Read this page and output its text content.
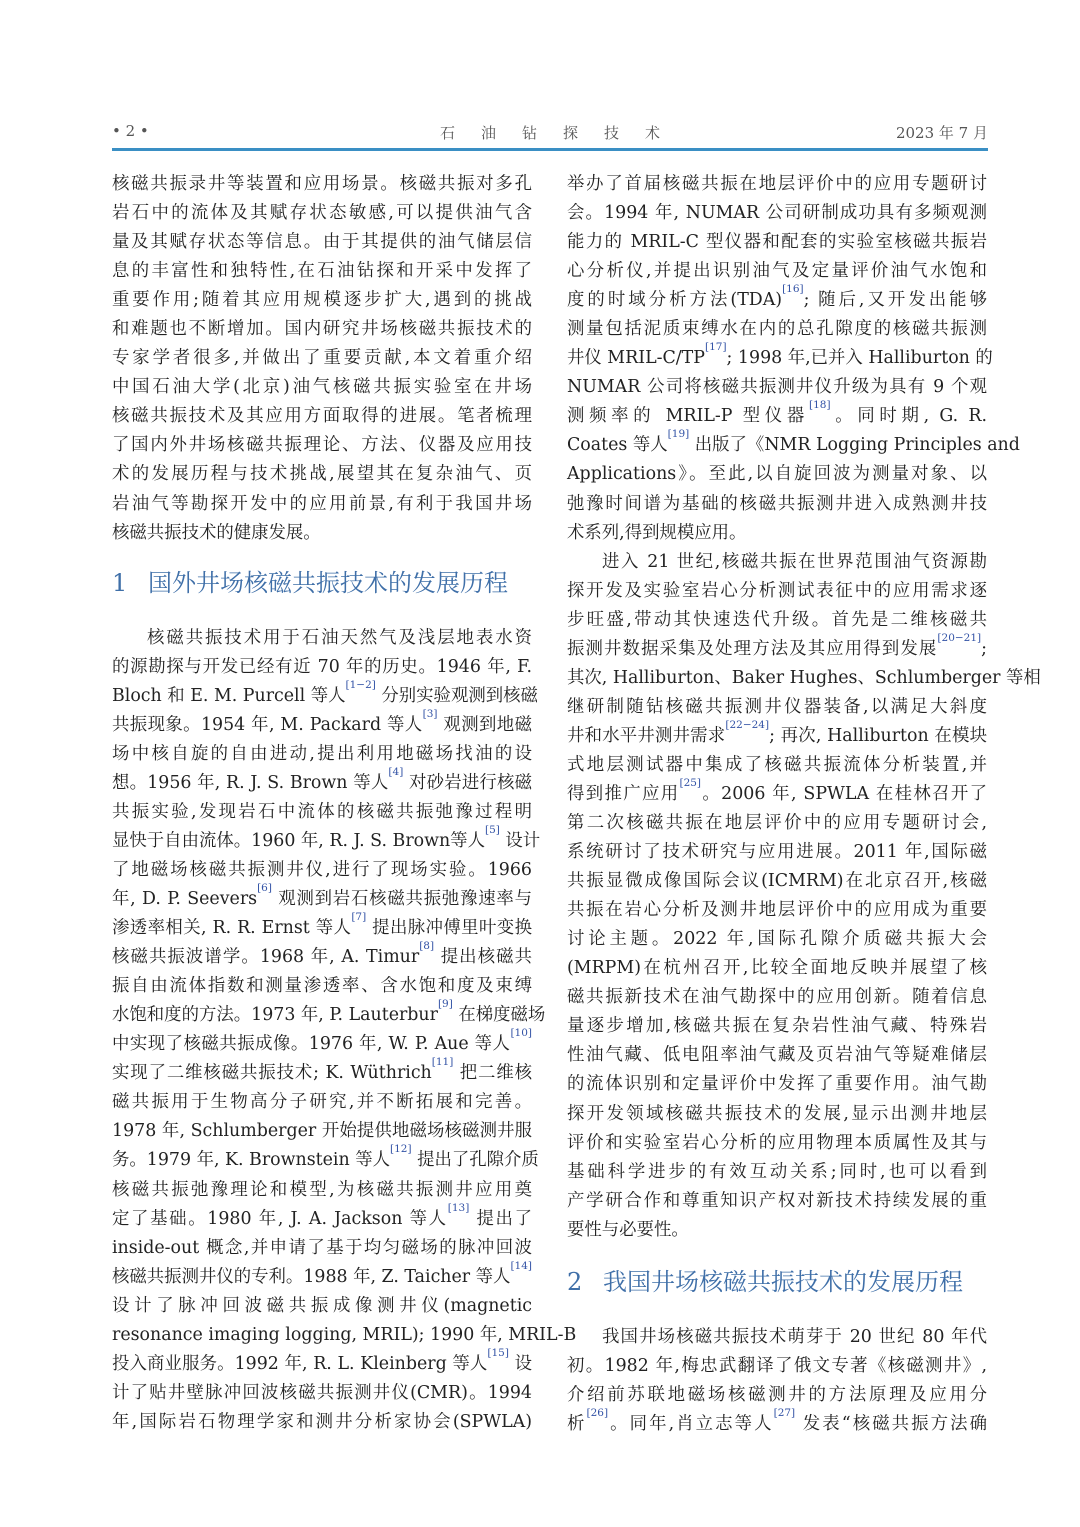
• 2 •	石油钻探技术	2023 年 7 月
核磁共振录井等装置和应用场景。核磁共振对多孔
岩石中的流体及其赋存状态敏感,可以提供油气含
量及其赋存状态等信息。由于其提供的油气储层信
息的丰富性和独特性,在石油钻探和开采中发挥了
重要作用;随着其应用规模逐步扩大,遇到的挑战
和难题也不断增加。国内研究井场核磁共振技术的
专家学者很多,并做出了重要贡献,本文着重介绍
中国石油大学(北京)油气核磁共振实验室在井场
核磁共振技术及其应用方面取得的进展。笔者梳理
了国内外井场核磁共振理论、方法、仪器及应用技
术的发展历程与技术挑战,展望其在复杂油气、页
岩油气等勘探开发中的应用前景,有利于我国井场
核磁共振技术的健康发展。
1 国外井场核磁共振技术的发展历程
核磁共振技术用于石油天然气及浅层地表水资
的源勘探与开发已经有近 70 年的历史。1946 年, F.
Bloch 和 E. M. Purcell 等人[1−2] 分别实验观测到核磁
共振现象。1954 年, M. Packard 等人[3] 观测到地磁
场中核自旋的自由进动,提出利用地磁场找油的设
想。1956 年, R. J. S. Brown 等人[4] 对砂岩进行核磁
共振实验,发现岩石中流体的核磁共振弛豫过程明
显快于自由流体。1960 年, R. J. S. Brown等人[5] 设计
了地磁场核磁共振测井仪,进行了现场实验。1966
年, D. P. Seevers[6] 观测到岩石核磁共振弛豫速率与
渗透率相关, R. R. Ernst 等人[7] 提出脉冲傅里叶变换
核磁共振波谱学。1968 年, A. Timur[8] 提出核磁共
振自由流体指数和测量渗透率、含水饱和度及束缚
水饱和度的方法。1973 年, P. Lauterbur[9] 在梯度磁场
中实现了核磁共振成像。1976 年, W. P. Aue 等人[10]
实现了二维核磁共振技术; K. Wüthrich[11] 把二维核
磁共振用于生物高分子研究,并不断拓展和完善。
1978 年, Schlumberger 开始提供地磁场核磁测井服
务。1979 年, K. Brownstein 等人[12] 提出了孔隙介质
核磁共振弛豫理论和模型,为核磁共振测井应用奠
定了基础。1980 年, J. A. Jackson 等人[13] 提出了
inside-out 概念,并申请了基于均匀磁场的脉冲回波
核磁共振测井仪的专利。1988 年, Z. Taicher 等人[14]
设计了脉冲回波磁共振成像测井仪(magnetic
resonance imaging logging, MRIL); 1990 年, MRIL-B
投入商业服务。1992 年, R. L. Kleinberg 等人[15] 设
计了贴井壁脉冲回波核磁共振测井仪(CMR)。1994
年,国际岩石物理学家和测井分析家协会(SPWLA)
举办了首届核磁共振在地层评价中的应用专题研讨
会。1994 年, NUMAR 公司研制成功具有多频观测
能力的 MRIL-C 型仪器和配套的实验室核磁共振岩
心分析仪,并提出识别油气及定量评价油气水饱和
度的时域分析方法(TDA)[16]; 随后,又开发出能够
测量包括泥质束缚水在内的总孔隙度的核磁共振测
井仪 MRIL-C/TP[17]; 1998 年,已并入 Halliburton 的
NUMAR 公司将核磁共振测井仪升级为具有 9 个观
测频率的 MRIL-P 型仪器[18]。同时期, G. R.
Coates 等人[19] 出版了《NMR Logging Principles and
Applications》。至此,以自旋回波为测量对象、以
弛豫时间谱为基础的核磁共振测井进入成熟测井技
术系列,得到规模应用。
进入 21 世纪,核磁共振在世界范围油气资源勘
探开发及实验室岩心分析测试表征中的应用需求逐
步旺盛,带动其快速迭代升级。首先是二维核磁共
振测井数据采集及处理方法及其应用得到发展[20−21];
其次, Halliburton、Baker Hughes、Schlumberger 等相
继研制随钻核磁共振测井仪器装备,以满足大斜度
井和水平井测井需求[22−24]; 再次, Halliburton 在模块
式地层测试器中集成了核磁共振流体分析装置,并
得到推广应用[25]。2006 年, SPWLA 在桂林召开了
第二次核磁共振在地层评价中的应用专题研讨会,
系统研讨了技术研究与应用进展。2011 年,国际磁
共振显微成像国际会议(ICMRM)在北京召开,核磁
共振在岩心分析及测井地层评价中的应用成为重要
讨论主题。2022 年,国际孔隙介质磁共振大会
(MRPM)在杭州召开,比较全面地反映并展望了核
磁共振新技术在油气勘探中的应用创新。随着信息
量逐步增加,核磁共振在复杂岩性油气藏、特殊岩
性油气藏、低电阻率油气藏及页岩油气等疑难储层
的流体识别和定量评价中发挥了重要作用。油气勘
探开发领域核磁共振技术的发展,显示出测井地层
评价和实验室岩心分析的应用物理本质属性及其与
基础科学进步的有效互动关系;同时,也可以看到
产学研合作和尊重知识产权对新技术持续发展的重
要性与必要性。
2 我国井场核磁共振技术的发展历程
我国井场核磁共振技术萌芽于 20 世纪 80 年代
初。1982 年,梅忠武翻译了俄文专著《核磁测井》,
介绍前苏联地磁场核磁测井的方法原理及应用分
析[26]。同年,肖立志等人[27] 发表“核磁共振方法确
